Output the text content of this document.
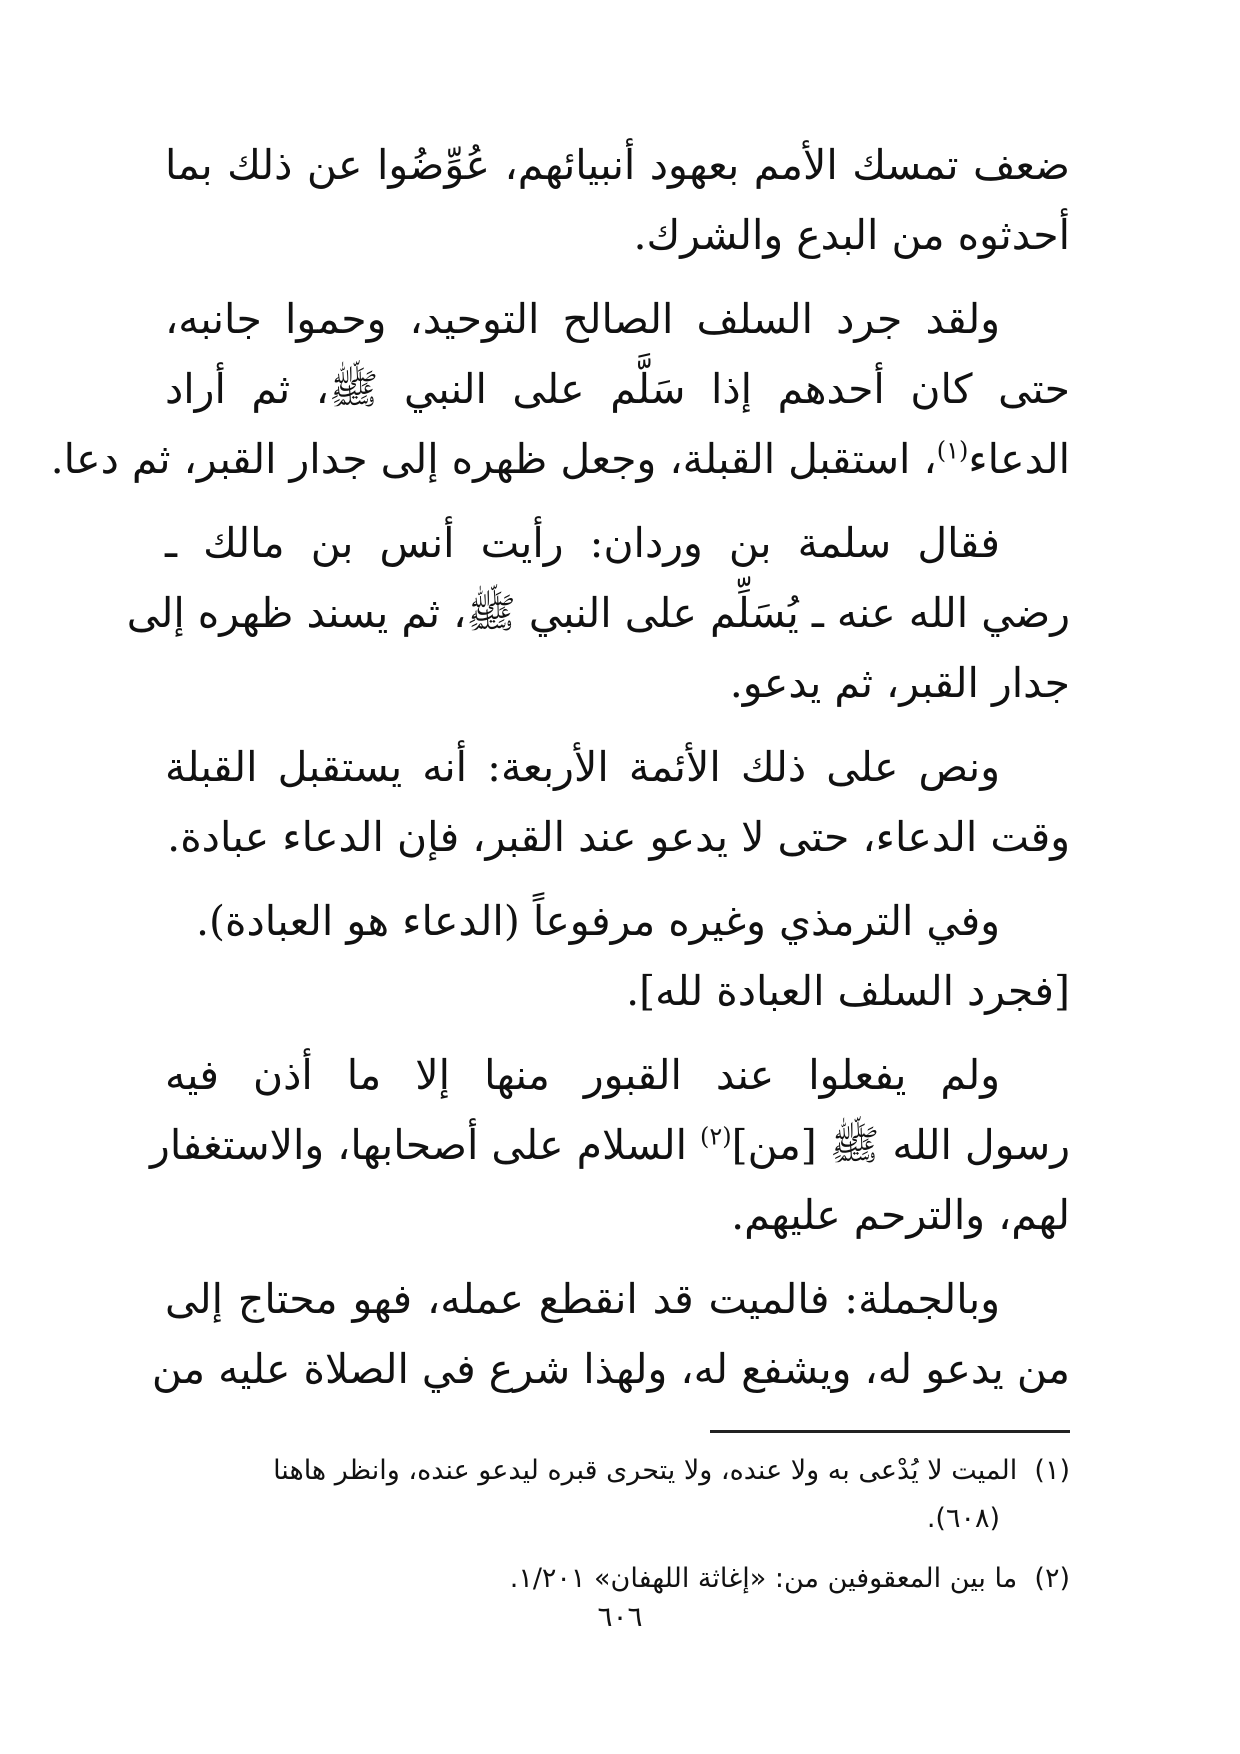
ضعف تمسك الأمم بعهود أنبيائهم، عُوِّضُوا عن ذلك بما
أحدثوه من البدع والشرك.
ولقد جرد السلف الصالح التوحيد، وحموا جانبه،
حتى كان أحدهم إذا سَلَّم على النبي ﷺ، ثم أراد
الدعاء$^{(١)}$، استقبل القبلة، وجعل ظهره إلى جدار القبر، ثم دعا.
فقال سلمة بن وردان: رأيت أنس بن مالك ـ
رضي الله عنه ـ يُسَلِّم على النبي ﷺ، ثم يسند ظهره إلى
جدار القبر، ثم يدعو.
ونص على ذلك الأئمة الأربعة: أنه يستقبل القبلة
وقت الدعاء، حتى لا يدعو عند القبر، فإن الدعاء عبادة.
وفي الترمذي وغيره مرفوعاً (الدعاء هو العبادة).
[فجرد السلف العبادة لله].
ولم يفعلوا عند القبور منها إلا ما أذن فيه
رسول الله ﷺ [من]$^{(٢)}$ السلام على أصحابها، والاستغفار
لهم، والترحم عليهم.
وبالجملة: فالميت قد انقطع عمله، فهو محتاج إلى
من يدعو له، ويشفع له، ولهذا شرع في الصلاة عليه من
(١)  الميت لا يُدْعى به ولا عنده، ولا يتحرى قبره ليدعو عنده، وانظر هاهنا
(٦٠٨).
(٢)  ما بين المعقوفين من: «إغاثة اللهفان» ١/٢٠١.
٦٠٦
